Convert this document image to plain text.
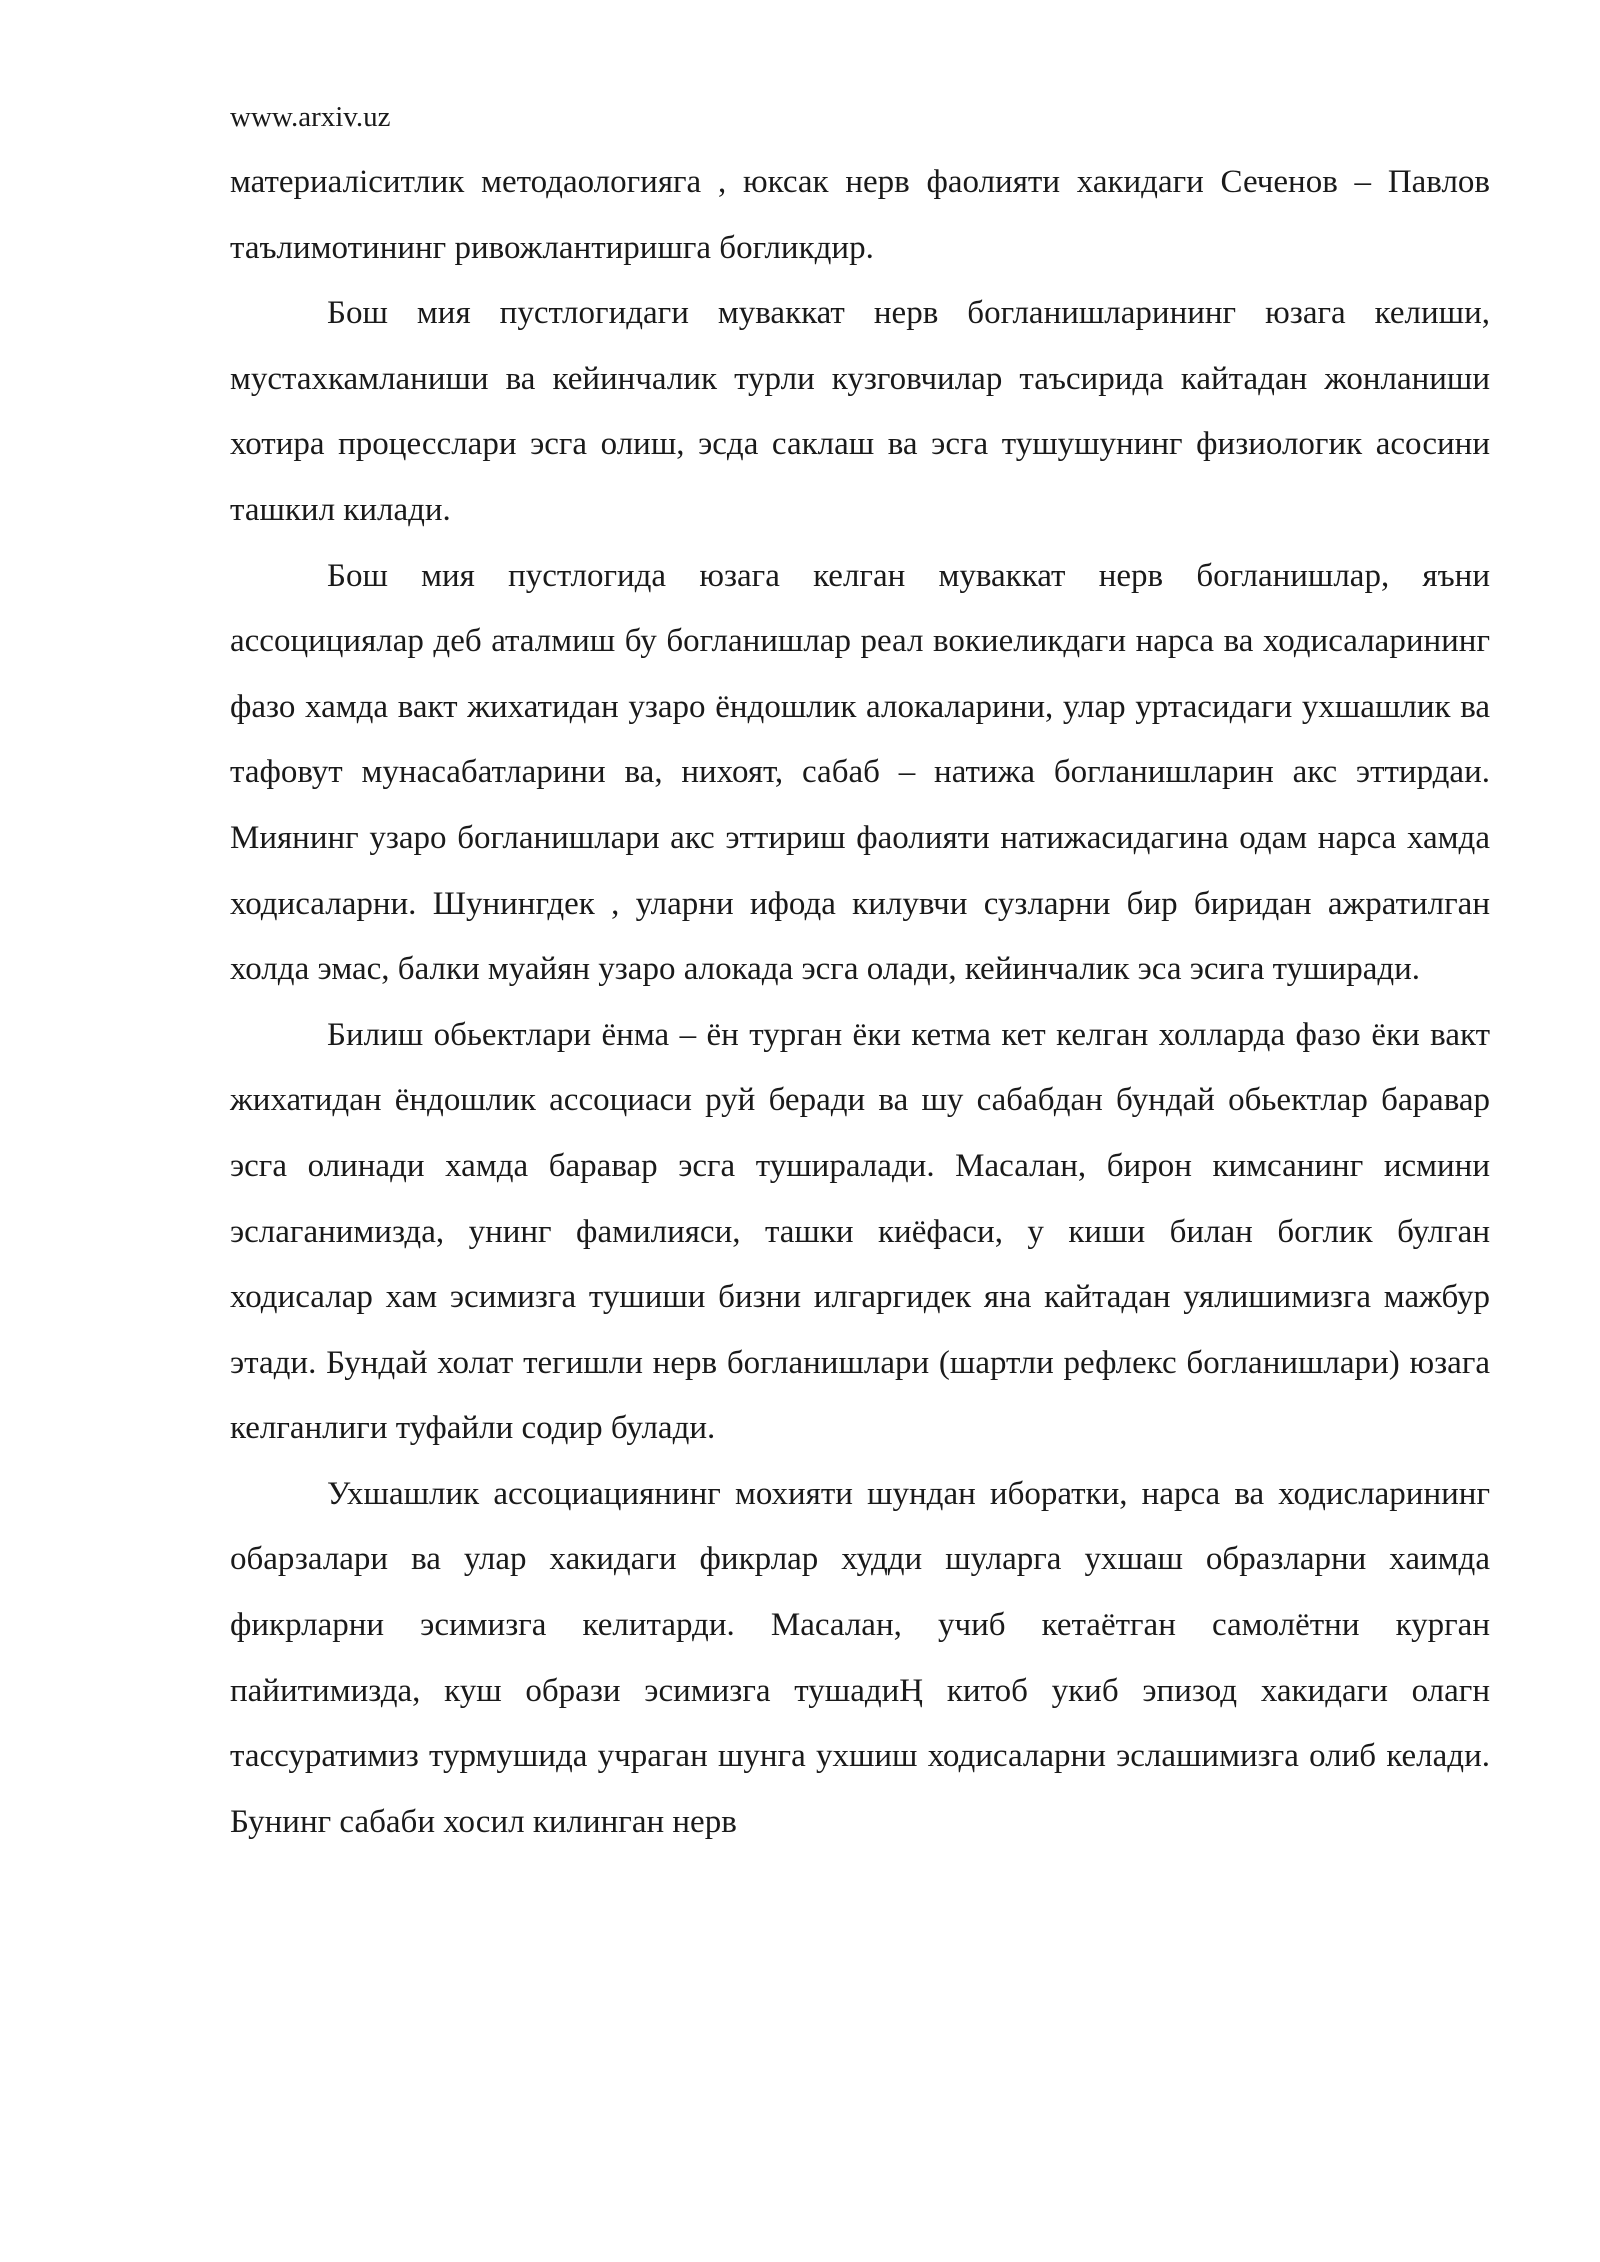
www.arxiv.uz

материаліситлик методаологияга , юксак нерв фаолияти хакидаги Сеченов – Павлов таълимотининг ривожлантиришга богликдир.

Бош мия пустлогидаги муваккат нерв богланишларининг юзага келиши, мустахкамланиши ва кейинчалик турли кузговчилар таъсирида кайтадан жонланиши хотира процесслари эсга олиш, эсда саклаш ва эсга тушушунинг физиологик асосини ташкил килади.

Бош мия пустлогида юзага келган муваккат нерв богланишлар, яъни ассоцициялар деб аталмиш бу богланишлар реал вокиеликдаги нарса ва ходисаларининг фазо хамда вакт жихатидан узаро ёндошлик алокаларини, улар уртасидаги ухшашлик ва тафовут мунасабатларини ва, нихоят, сабаб – натижа богланишларин акс эттирдаи. Миянинг узаро богланишлари акс эттириш фаолияти натижасидагина одам нарса хамда ходисаларни. Шунингдек , уларни ифода килувчи сузларни бир биридан ажратилган холда эмас, балки муайян узаро алокада эсга олади, кейинчалик эса эсига туширади.

Билиш обьектлари ёнма – ён турган ёки кетма кет келган холларда фазо ёки вакт жихатидан ёндошлик ассоциаси руй беради ва шу сабабдан бундай обьектлар баравар эсга олинади хамда баравар эсга туширалади. Масалан, бирон кимсанинг исмини эслаганимизда, унинг фамилияси, ташки киёфаси, у киши билан боглик булган ходисалар хам эсимизга тушиши бизни илгаргидек яна кайтадан уялишимизга мажбур этади. Бундай холат тегишли нерв богланишлари (шартли рефлекс богланишлари) юзага келганлиги туфайли содир булади.

Ухшашлик ассоциациянинг мохияти шундан иборатки, нарса ва ходисларининг обарзалари ва улар хакидаги фикрлар худди шуларга ухшаш образларни хаимда фикрларни эсимизга келитарди. Масалан, учиб кетаётган самолётни курган пайитимизда, куш образи эсимизга тушадиҢ китоб укиб эпизод хакидаги олагн тассуратимиз турмушида учраган шунга ухшиш ходисаларни эслашимизга олиб келади. Бунинг сабаби хосил килинган нерв
